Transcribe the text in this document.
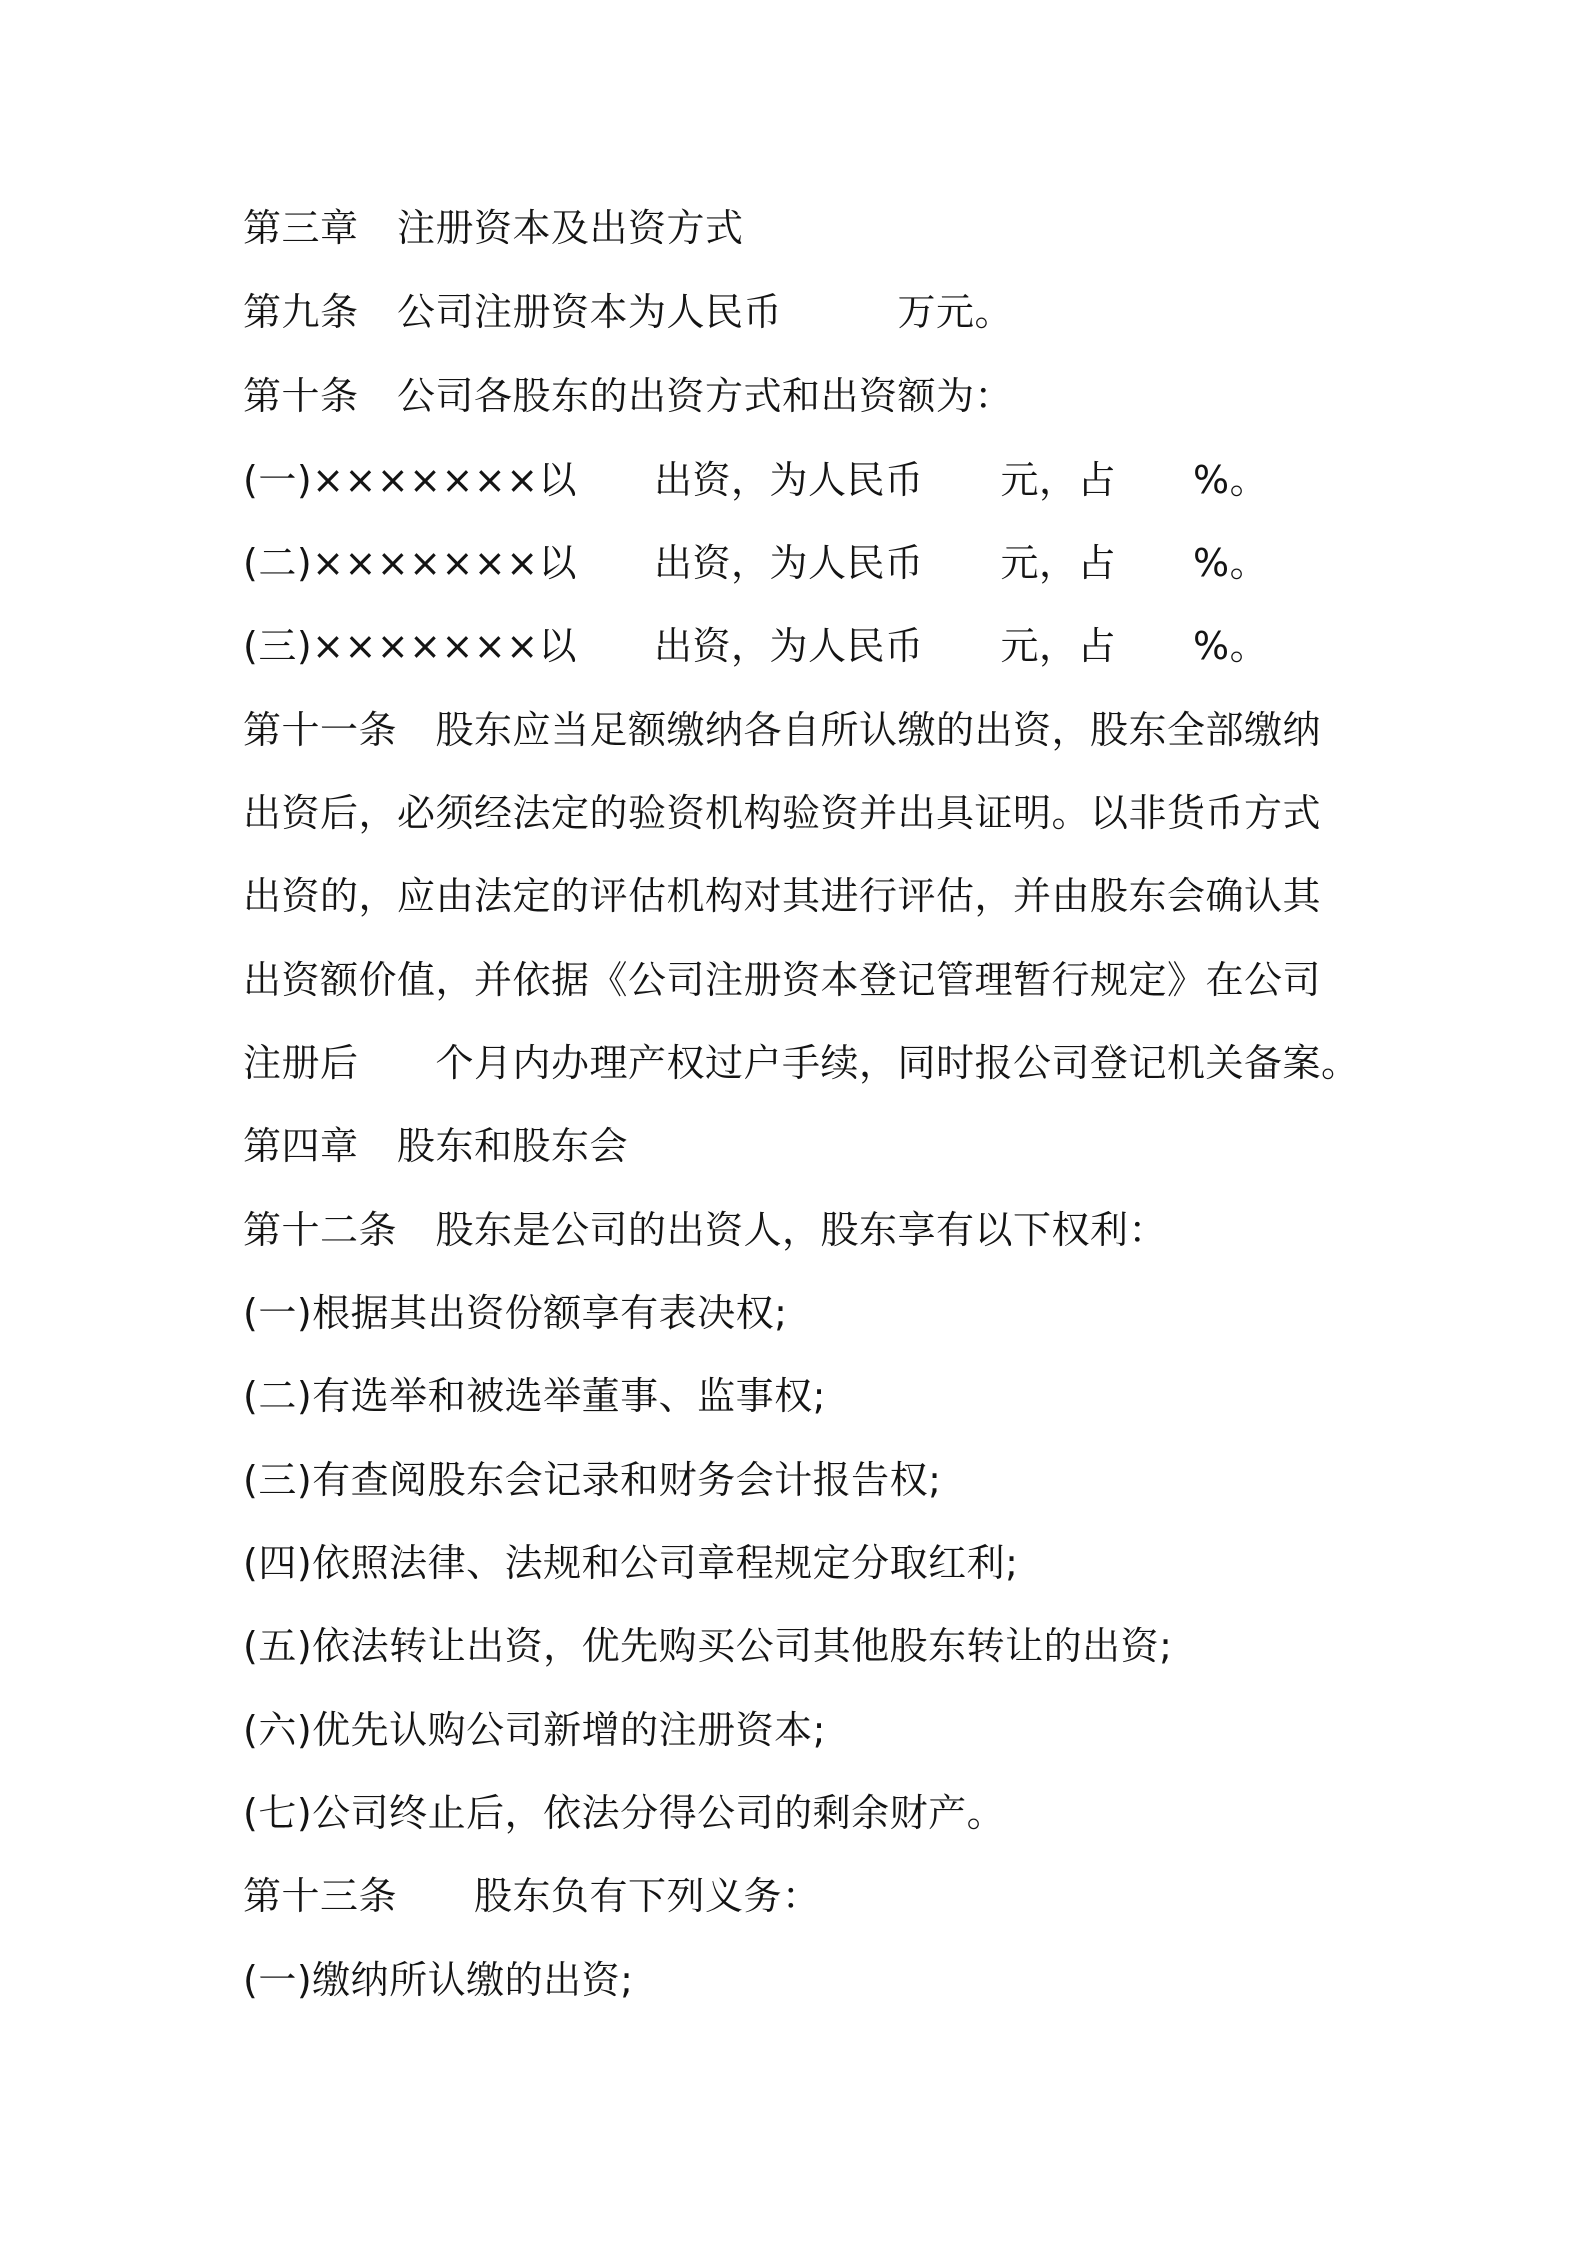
第三章　注册资本及出资方式
第九条　公司注册资本为人民币　　　万元。
第十条　公司各股东的出资方式和出资额为：
(一)×××××××以　　出资，为人民币　　元，占　　%。
(二)×××××××以　　出资，为人民币　　元，占　　%。
(三)×××××××以　　出资，为人民币　　元，占　　%。
第十一条　股东应当足额缴纳各自所认缴的出资，股东全部缴纳
出资后，必须经法定的验资机构验资并出具证明。以非货币方式
出资的，应由法定的评估机构对其进行评估，并由股东会确认其
出资额价值，并依据《公司注册资本登记管理暂行规定》在公司
注册后　　个月内办理产权过户手续，同时报公司登记机关备案。
第四章　股东和股东会
第十二条　股东是公司的出资人，股东享有以下权利：
(一)根据其出资份额享有表决权;
(二)有选举和被选举董事、监事权;
(三)有查阅股东会记录和财务会计报告权;
(四)依照法律、法规和公司章程规定分取红利;
(五)依法转让出资，优先购买公司其他股东转让的出资;
(六)优先认购公司新增的注册资本;
(七)公司终止后，依法分得公司的剩余财产。
第十三条　　股东负有下列义务：
(一)缴纳所认缴的出资;
